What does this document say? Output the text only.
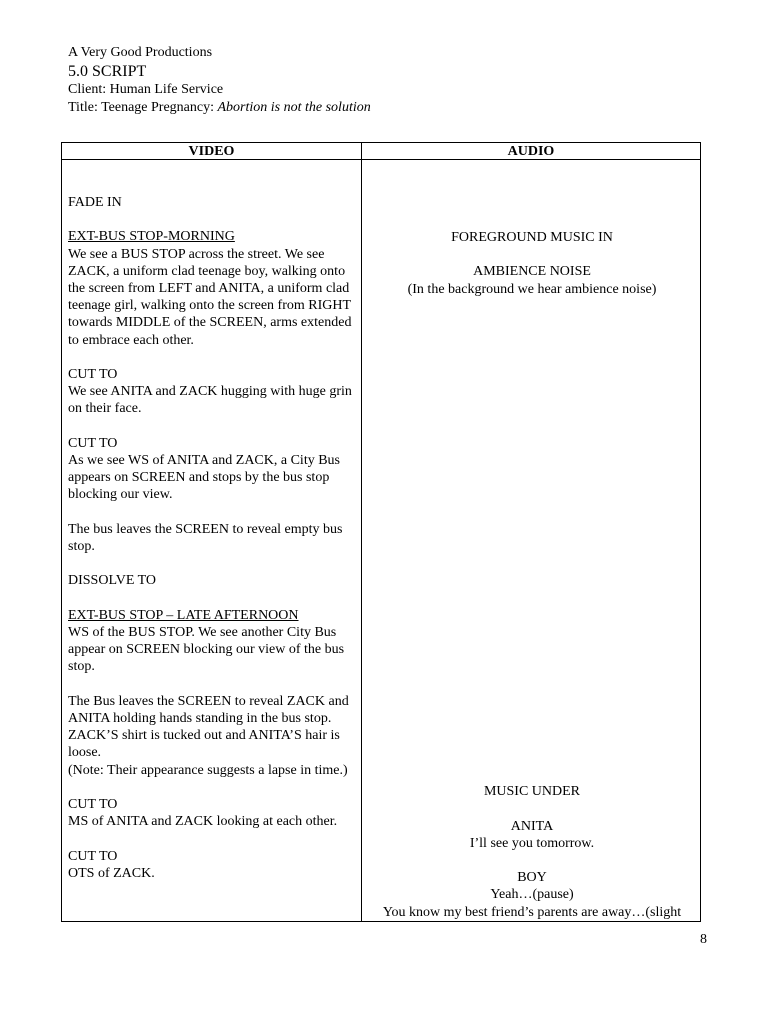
A Very Good Productions
5.0 SCRIPT
Client: Human Life Service
Title: Teenage Pregnancy: Abortion is not the solution
VIDEO	AUDIO

FADE IN

EXT-BUS STOP-MORNING
We see a BUS STOP across the street. We see ZACK, a uniform clad teenage boy, walking onto the screen from LEFT and ANITA, a uniform clad teenage girl, walking onto the screen from RIGHT towards MIDDLE of the SCREEN, arms extended to embrace each other.

CUT TO
We see ANITA and ZACK hugging with huge grin on their face.

CUT TO
As we see WS of ANITA and ZACK, a City Bus appears on SCREEN and stops by the bus stop blocking our view.

The bus leaves the SCREEN to reveal empty bus stop.

DISSOLVE TO

EXT-BUS STOP – LATE AFTERNOON
WS of the BUS STOP. We see another City Bus appear on SCREEN blocking our view of the bus stop.

The Bus leaves the SCREEN to reveal ZACK and ANITA holding hands standing in the bus stop. ZACK’S shirt is tucked out and ANITA’S hair is loose.

(Note: Their appearance suggests a lapse in time.)

CUT TO
MS of ANITA and ZACK looking at each other.

CUT TO
OTS of ZACK.

FOREGROUND MUSIC IN
AMBIENCE NOISE
(In the background we hear ambience noise)
MUSIC UNDER
ANITA
I’ll see you tomorrow.
BOY
Yeah…(pause)
You know my best friend’s parents are away…(slight
8
